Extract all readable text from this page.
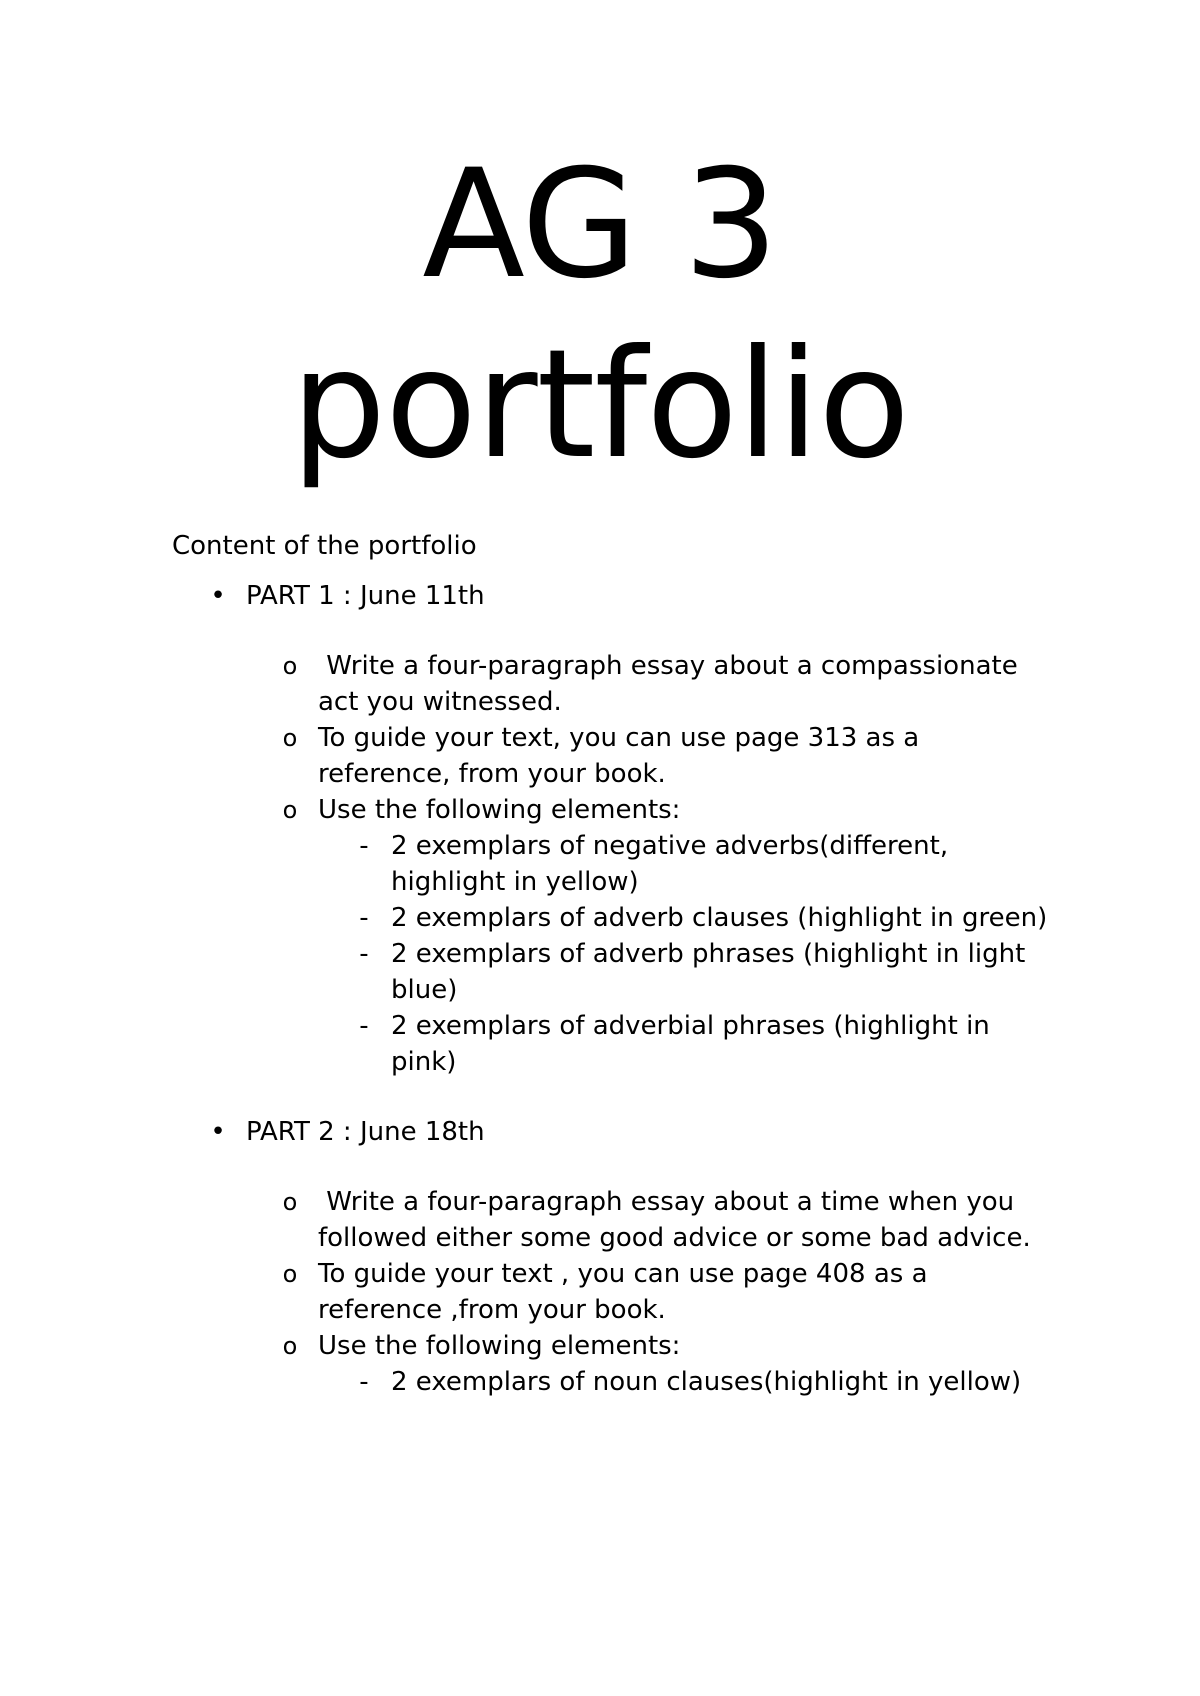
AG 3
portfolio

Content of the portfolio

• PART 1 : June 11th
o Write a four-paragraph essay about a compassionate act you witnessed.
o To guide your text, you can use page 313 as a reference, from your book.
o Use the following elements:
- 2 exemplars of negative adverbs(different, highlight in yellow)
- 2 exemplars of adverb clauses (highlight in green)
- 2 exemplars of adverb phrases (highlight in light blue)
- 2 exemplars of adverbial phrases (highlight in pink)
• PART 2 : June 18th
o Write a four-paragraph essay about a time when you followed either some good advice or some bad advice.
o To guide your text , you can use page 408 as a reference ,from your book.
o Use the following elements:
- 2 exemplars of noun clauses(highlight in yellow)
